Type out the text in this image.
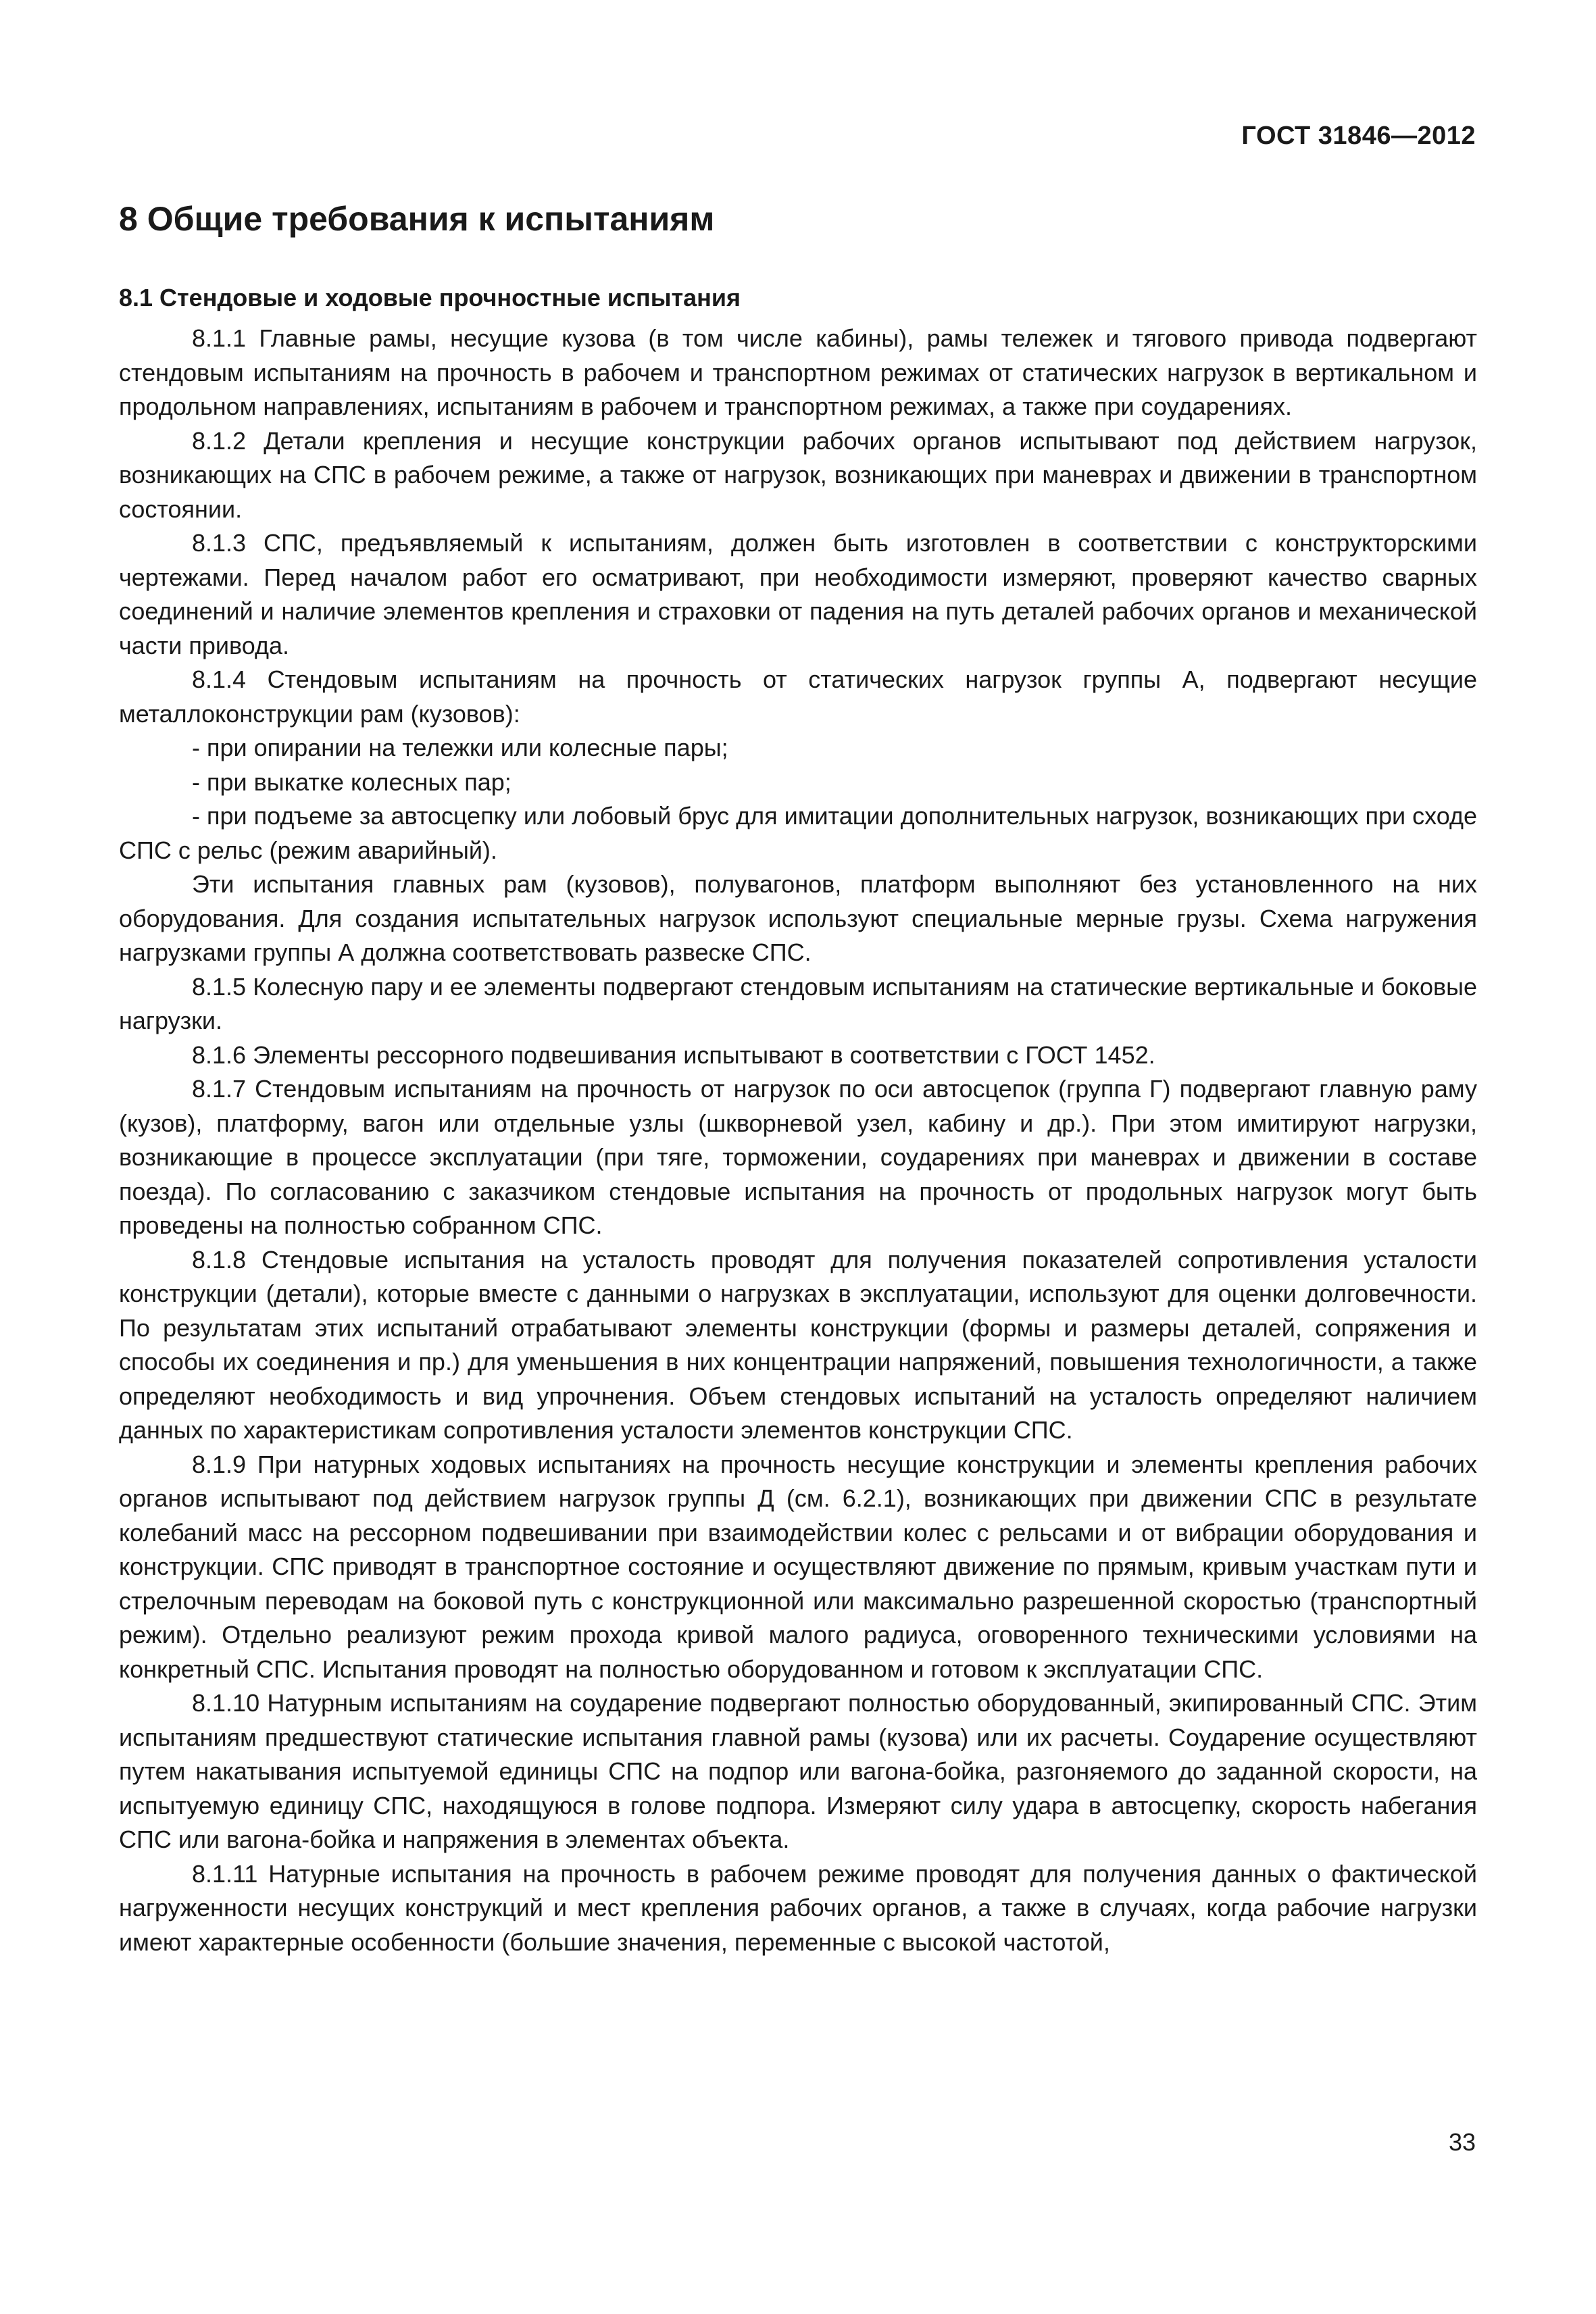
ГОСТ 31846—2012
8 Общие требования к испытаниям
8.1 Стендовые и ходовые прочностные испытания

8.1.1 Главные рамы, несущие кузова (в том числе кабины), рамы тележек и тягового привода подвергают стендовым испытаниям на прочность в рабочем и транспортном режимах от статических нагрузок в вертикальном и продольном направлениях, испытаниям в рабочем и транспортном режимах, а также при соударениях.

8.1.2 Детали крепления и несущие конструкции рабочих органов испытывают под действием нагрузок, возникающих на СПС в рабочем режиме, а также от нагрузок, возникающих при маневрах и движении в транспортном состоянии.

8.1.3 СПС, предъявляемый к испытаниям, должен быть изготовлен в соответствии с конструкторскими чертежами. Перед началом работ его осматривают, при необходимости измеряют, проверяют качество сварных соединений и наличие элементов крепления и страховки от падения на путь деталей рабочих органов и механической части привода.

8.1.4 Стендовым испытаниям на прочность от статических нагрузок группы А, подвергают несущие металлоконструкции рам (кузовов):

- при опирании на тележки или колесные пары;

- при выкатке колесных пар;

- при подъеме за автосцепку или лобовый брус для имитации дополнительных нагрузок, возникающих при сходе СПС с рельс (режим аварийный).

Эти испытания главных рам (кузовов), полувагонов, платформ выполняют без установленного на них оборудования. Для создания испытательных нагрузок используют специальные мерные грузы. Схема нагружения нагрузками группы А должна соответствовать развеске СПС.

8.1.5 Колесную пару и ее элементы подвергают стендовым испытаниям на статические вертикальные и боковые нагрузки.

8.1.6 Элементы рессорного подвешивания испытывают в соответствии с ГОСТ 1452.

8.1.7 Стендовым испытаниям на прочность от нагрузок по оси автосцепок (группа Г) подвергают главную раму (кузов), платформу, вагон или отдельные узлы (шкворневой узел, кабину и др.). При этом имитируют нагрузки, возникающие в процессе эксплуатации (при тяге, торможении, соударениях при маневрах и движении в составе поезда). По согласованию с заказчиком стендовые испытания на прочность от продольных нагрузок могут быть проведены на полностью собранном СПС.

8.1.8 Стендовые испытания на усталость проводят для получения показателей сопротивления усталости конструкции (детали), которые вместе с данными о нагрузках в эксплуатации, используют для оценки долговечности. По результатам этих испытаний отрабатывают элементы конструкции (формы и размеры деталей, сопряжения и способы их соединения и пр.) для уменьшения в них концентрации напряжений, повышения технологичности, а также определяют необходимость и вид упрочнения. Объем стендовых испытаний на усталость определяют наличием данных по характеристикам сопротивления усталости элементов конструкции СПС.

8.1.9 При натурных ходовых испытаниях на прочность несущие конструкции и элементы крепления рабочих органов испытывают под действием нагрузок группы Д (см. 6.2.1), возникающих при движении СПС в результате колебаний масс на рессорном подвешивании при взаимодействии колес с рельсами и от вибрации оборудования и конструкции. СПС приводят в транспортное состояние и осуществляют движение по прямым, кривым участкам пути и стрелочным переводам на боковой путь с конструкционной или максимально разрешенной скоростью (транспортный режим). Отдельно реализуют режим прохода кривой малого радиуса, оговоренного техническими условиями на конкретный СПС. Испытания проводят на полностью оборудованном и готовом к эксплуатации СПС.

8.1.10 Натурным испытаниям на соударение подвергают полностью оборудованный, экипированный СПС. Этим испытаниям предшествуют статические испытания главной рамы (кузова) или их расчеты. Соударение осуществляют путем накатывания испытуемой единицы СПС на подпор или вагона-бойка, разгоняемого до заданной скорости, на испытуемую единицу СПС, находящуюся в голове подпора. Измеряют силу удара в автосцепку, скорость набегания СПС или вагона-бойка и напряжения в элементах объекта.

8.1.11 Натурные испытания на прочность в рабочем режиме проводят для получения данных о фактической нагруженности несущих конструкций и мест крепления рабочих органов, а также в случаях, когда рабочие нагрузки имеют характерные особенности (большие значения, переменные с высокой частотой,

33
